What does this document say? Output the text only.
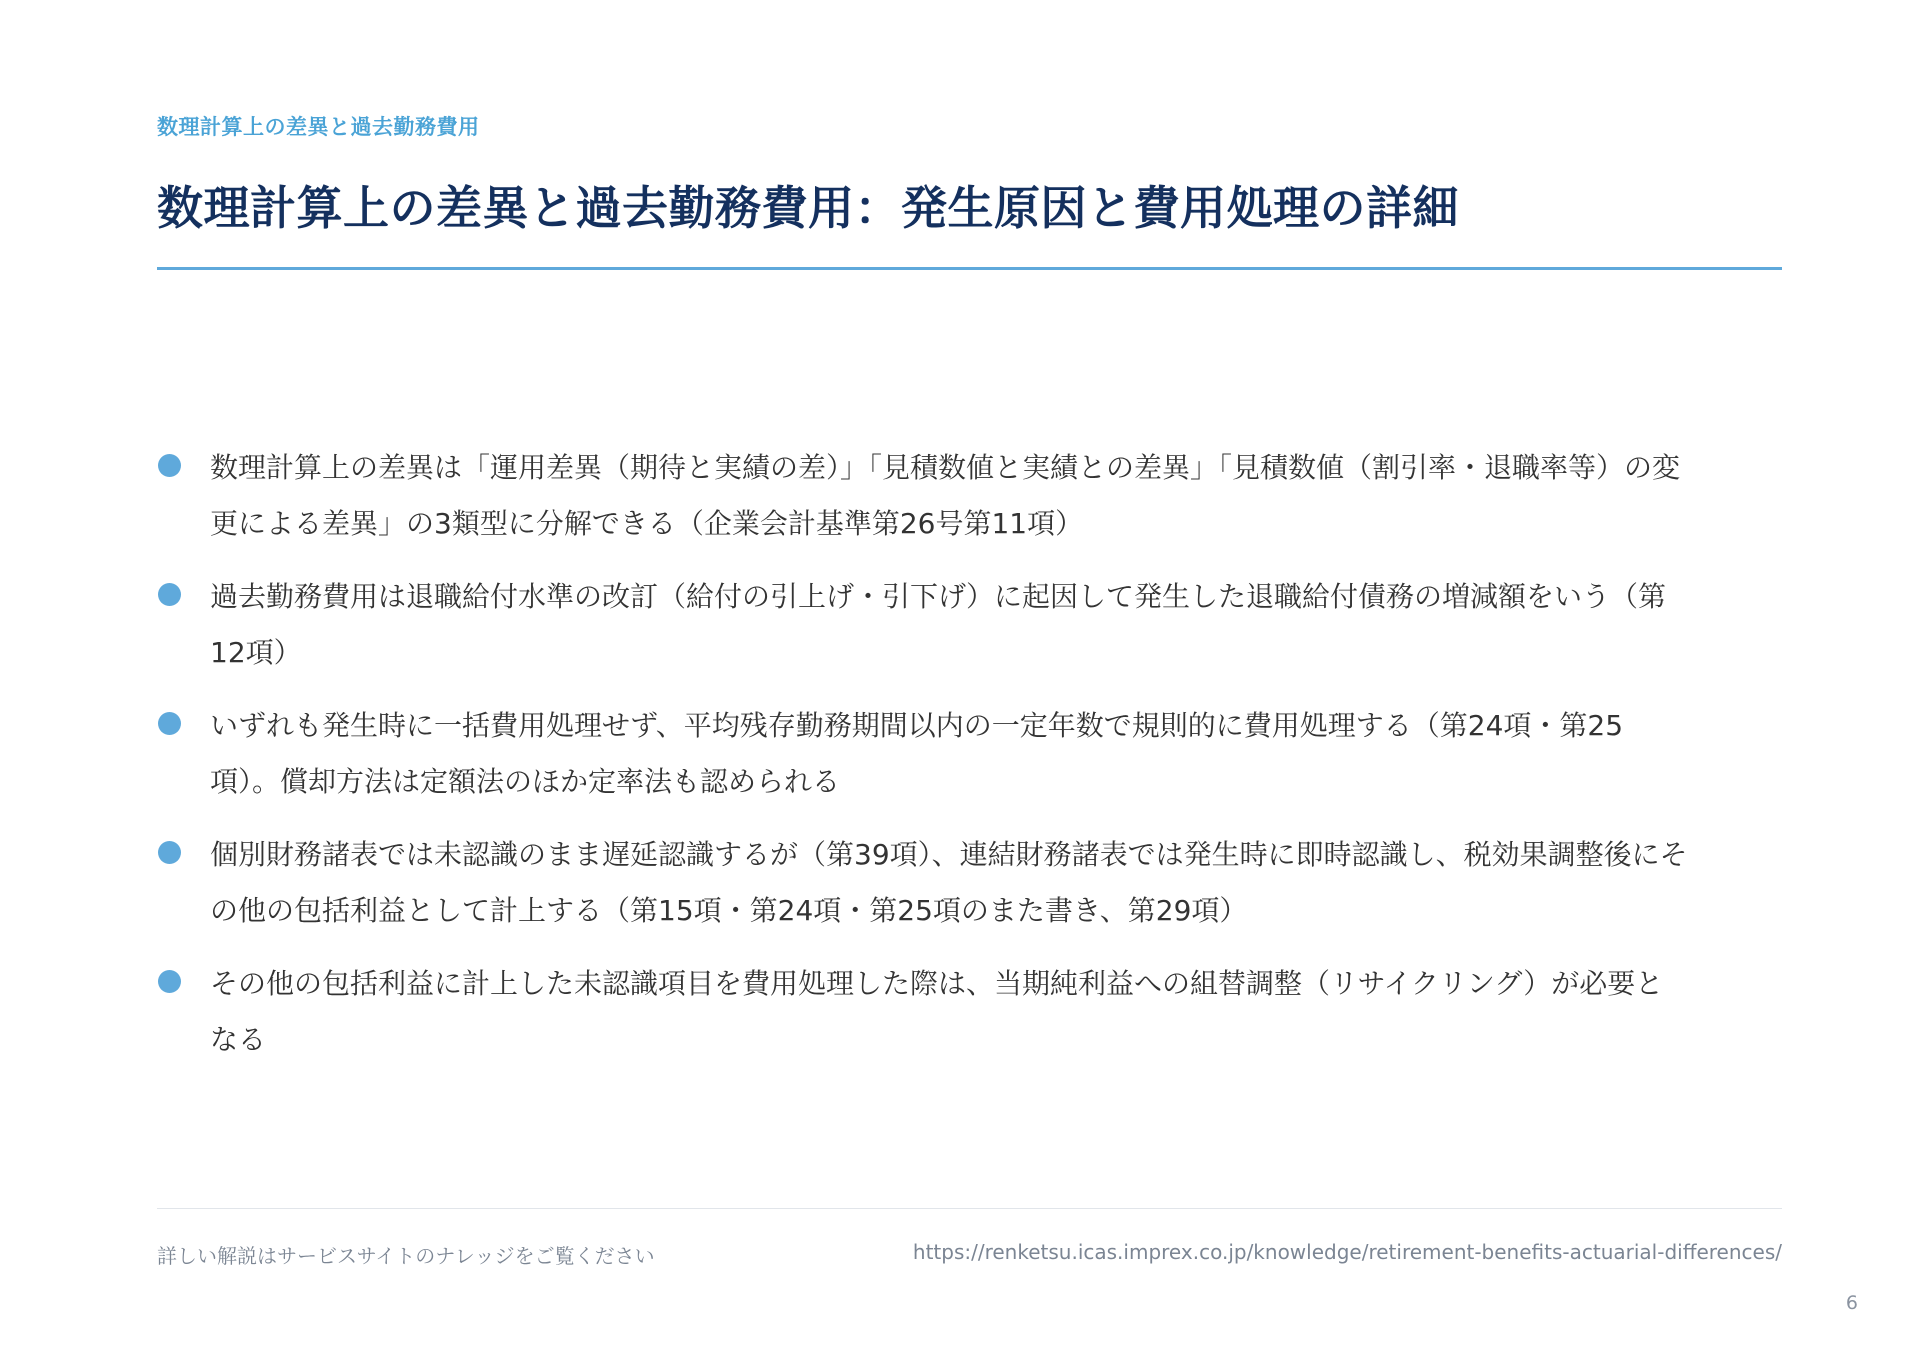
数理計算上の差異と過去勤務費用
数理計算上の差異と過去勤務費用：発生原因と費用処理の詳細
数理計算上の差異は「運用差異（期待と実績の差）」「見積数値と実績との差異」「見積数値（割引率・退職率等）の変更による差異」の3類型に分解できる（企業会計基準第26号第11項）
過去勤務費用は退職給付水準の改訂（給付の引上げ・引下げ）に起因して発生した退職給付債務の増減額をいう（第12項）
いずれも発生時に一括費用処理せず、平均残存勤務期間以内の一定年数で規則的に費用処理する（第24項・第25項）。償却方法は定額法のほか定率法も認められる
個別財務諸表では未認識のまま遅延認識するが（第39項）、連結財務諸表では発生時に即時認識し、税効果調整後にその他の包括利益として計上する（第15項・第24項・第25項のまた書き、第29項）
その他の包括利益に計上した未認識項目を費用処理した際は、当期純利益への組替調整（リサイクリング）が必要となる
詳しい解説はサービスサイトのナレッジをご覧ください	https://renketsu.icas.imprex.co.jp/knowledge/retirement-benefits-actuarial-differences/
6
